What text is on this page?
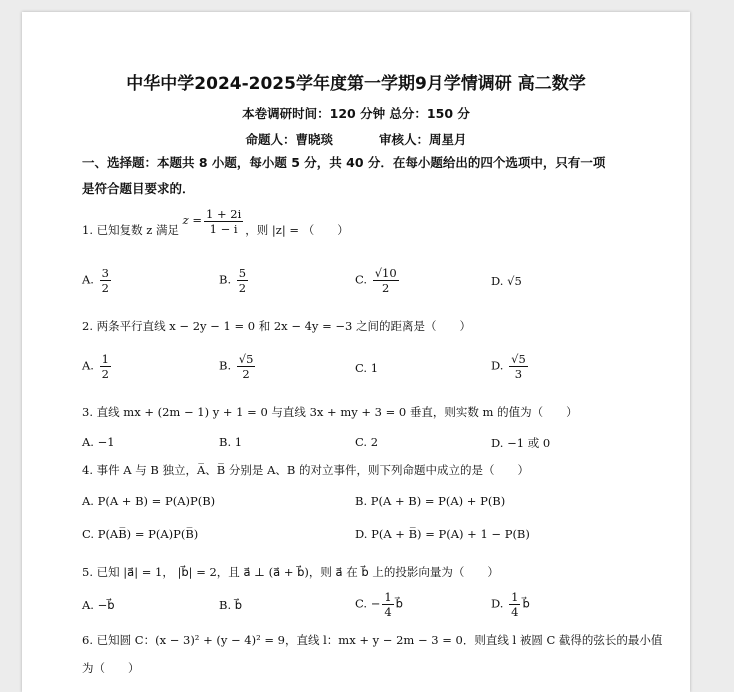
中华中学2024-2025学年度第一学期9月学情调研 高二数学
本卷调研时间：120 分钟 总分：150 分
命题人：曹晓琰	审核人：周星月
一、选择题：本题共 8 小题，每小题 5 分，共 40 分．在每小题给出的四个选项中，只有一项
是符合题目要求的．
1. 已知复数 z 满足 $z = \frac{1 + 2i}{1 - i}$ ，则 |z| = （　　）
A. $\frac{3}{2}$	B. $\frac{5}{2}$	C. $\frac{√10}{2}$	D. √5
2. 两条平行直线 x − 2y − 1 = 0 和 2x − 4y = −3 之间的距离是（　　）
A. $\frac{1}{2}$	B. $\frac{√5}{2}$	C. 1	D. $\frac{√5}{3}$
3. 直线 mx + (2m − 1) y + 1 = 0 与直线 3x + my + 3 = 0 垂直，则实数 m 的值为（　　）
A. −1	B. 1	C. 2	D. −1 或 0
4. 事件 A 与 B 独立，A̅、B̅ 分别是 A、B 的对立事件，则下列命题中成立的是（　　）
A. P(A + B) = P(A)P(B)	B. P(A + B) = P(A) + P(B)
C. P(AB̅) = P(A)P(B̅)	D. P(A + B̅) = P(A) + 1 − P(B)
5. 已知 |a⃗| = 1， |b⃗| = 2，且 a⃗ ⊥ (a⃗ + b⃗)，则 a⃗ 在 b⃗ 上的投影向量为（　　）
A. −b⃗	B. b⃗	C. − $\frac{1}{4}$ b⃗	D. $\frac{1}{4}$ b⃗
6. 已知圆 C：(x − 3)² + (y − 4)² = 9，直线 l：mx + y − 2m − 3 = 0．则直线 l 被圆 C 截得的弦长的最小值
为（　　）
